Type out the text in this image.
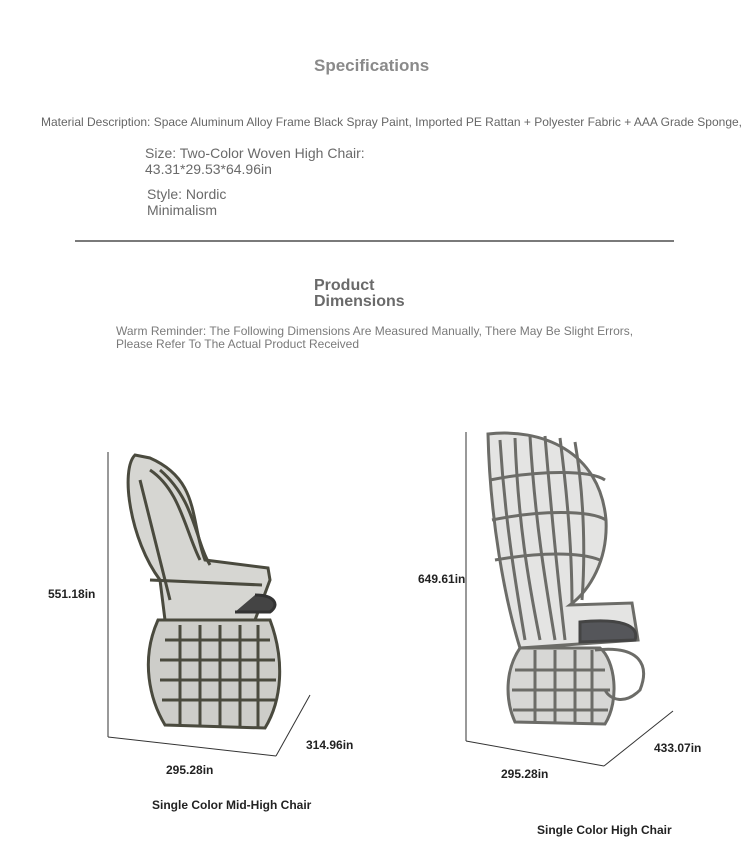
Specifications
Material Description: Space Aluminum Alloy Frame Black Spray Paint, Imported PE Rattan + Polyester Fabric + AAA Grade Sponge,
Size: Two-Color Woven High Chair:
43.31*29.53*64.96in
Style: Nordic
Minimalism
Product
Dimensions
Warm Reminder: The Following Dimensions Are Measured Manually, There May Be Slight Errors,
Please Refer To The Actual Product Received
551.18in
295.28in
314.96in
Single Color Mid-High Chair
649.61in
295.28in
433.07in
Single Color High Chair
